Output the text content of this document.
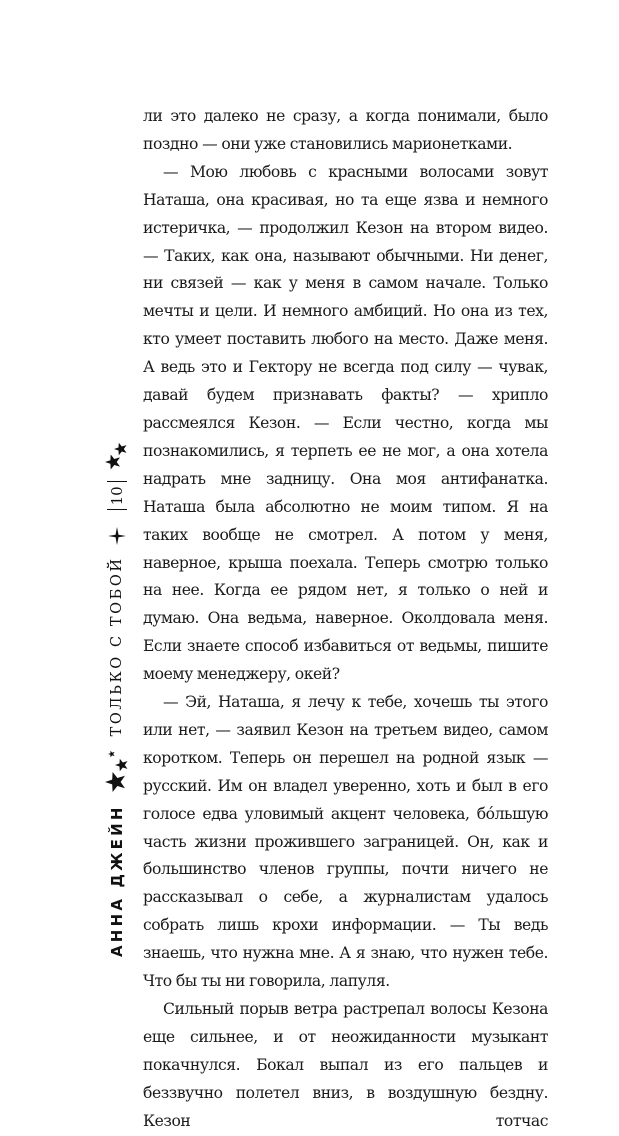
АННА ДЖЕЙН
ТОЛЬКО С ТОБОЙ
10

ли это далеко не сразу, а когда понимали, было поздно — они уже становились марионетками.

— Мою любовь с красными волосами зовут Наташа, она красивая, но та еще язва и немного истеричка, — продолжил Кезон на втором видео. — Таких, как она, называют обычными. Ни денег, ни связей — как у меня в самом начале. Только мечты и цели. И немного амбиций. Но она из тех, кто умеет поставить любого на место. Даже меня. А ведь это и Гектору не всегда под силу — чувак, давай будем признавать факты? — хрипло рассмеялся Кезон. — Если честно, когда мы познакомились, я терпеть ее не мог, а она хотела надрать мне задницу. Она моя антифанатка. Наташа была абсолютно не моим типом. Я на таких вообще не смотрел. А потом у меня, наверное, крыша поехала. Теперь смотрю только на нее. Когда ее рядом нет, я только о ней и думаю. Она ведьма, наверное. Околдовала меня. Если знаете способ избавиться от ведьмы, пишите моему менеджеру, окей?

— Эй, Наташа, я лечу к тебе, хочешь ты этого или нет, — заявил Кезон на третьем видео, самом коротком. Теперь он перешел на родной язык — русский. Им он владел уверенно, хоть и был в его голосе едва уловимый акцент человека, бо́льшую часть жизни прожившего заграницей. Он, как и большинство членов группы, почти ничего не рассказывал о себе, а журналистам удалось собрать лишь крохи информации. — Ты ведь знаешь, что нужна мне. А я знаю, что нужен тебе. Что бы ты ни говорила, лапуля.

Сильный порыв ветра растрепал волосы Кезона еще сильнее, и от неожиданности музыкант покачнулся. Бокал выпал из его пальцев и беззвучно полетел вниз, в воздушную бездну. Кезон тотчас
